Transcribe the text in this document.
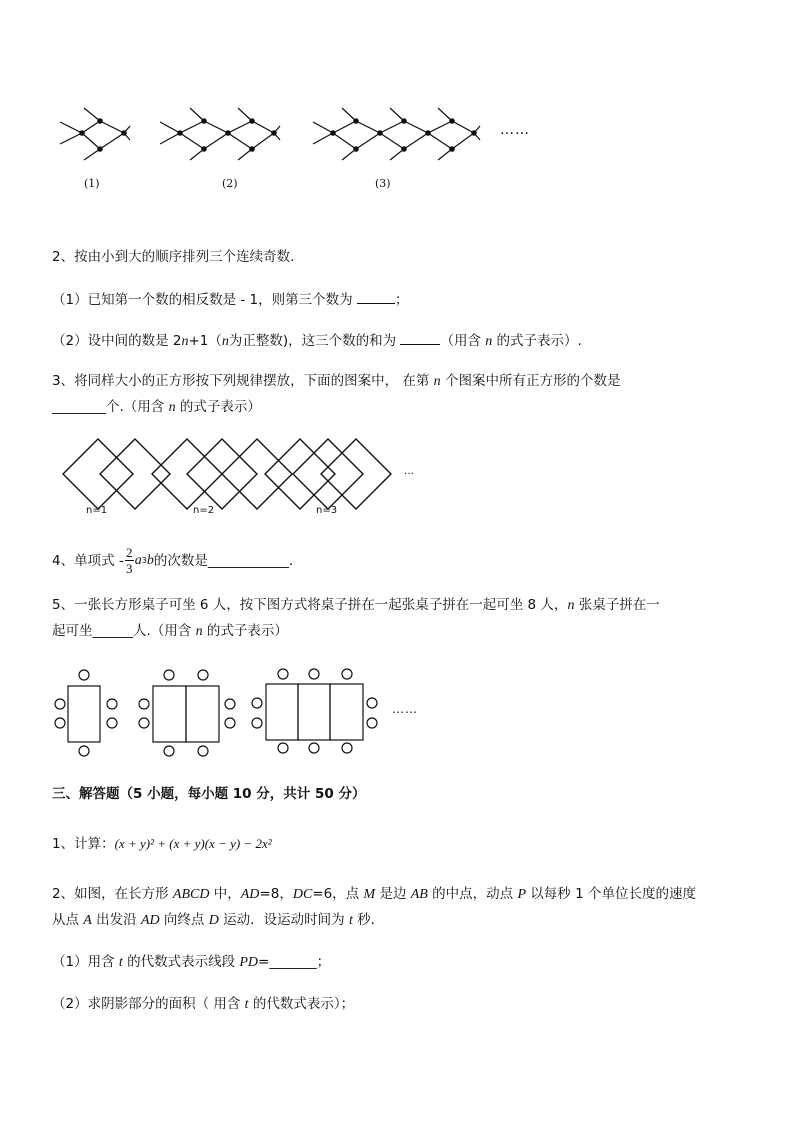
……
(1)	(2)	(3)
2、按由小到大的顺序排列三个连续奇数.
（1）已知第一个数的相反数是 - 1，则第三个数为	；
（2）设中间的数是 2n+1（n为正整数)，这三个数的和为	（用含 n 的式子表示）.
3、将同样大小的正方形按下列规律摆放，下面的图案中， 在第 n 个图案中所有正方形的个数是
________个.（用含 n 的式子表示）
…
n=1	n=2	n=3
4、单项式 - $\frac{2}{3}$ a 3 b 的次数是 ____________ .
5、一张长方形桌子可坐 6 人，按下图方式将桌子拼在一起张桌子拼在一起可坐 8 人，n 张桌子拼在一
起可坐______人.（用含 n 的式子表示）
……
三、解答题（5 小题，每小题 10 分，共计 50 分）
1、计算：(x + y)² + (x + y)(x − y) − 2x²
2、如图，在长方形 ABCD 中，AD=8，DC=6，点 M 是边 AB 的中点，动点 P 以每秒 1 个单位长度的速度
从点 A 出发沿 AD 向终点 D 运动．设运动时间为 t 秒．
（1）用含 t 的代数式表示线段 PD=_______；
（2）求阴影部分的面积（ 用含 t 的代数式表示）；
